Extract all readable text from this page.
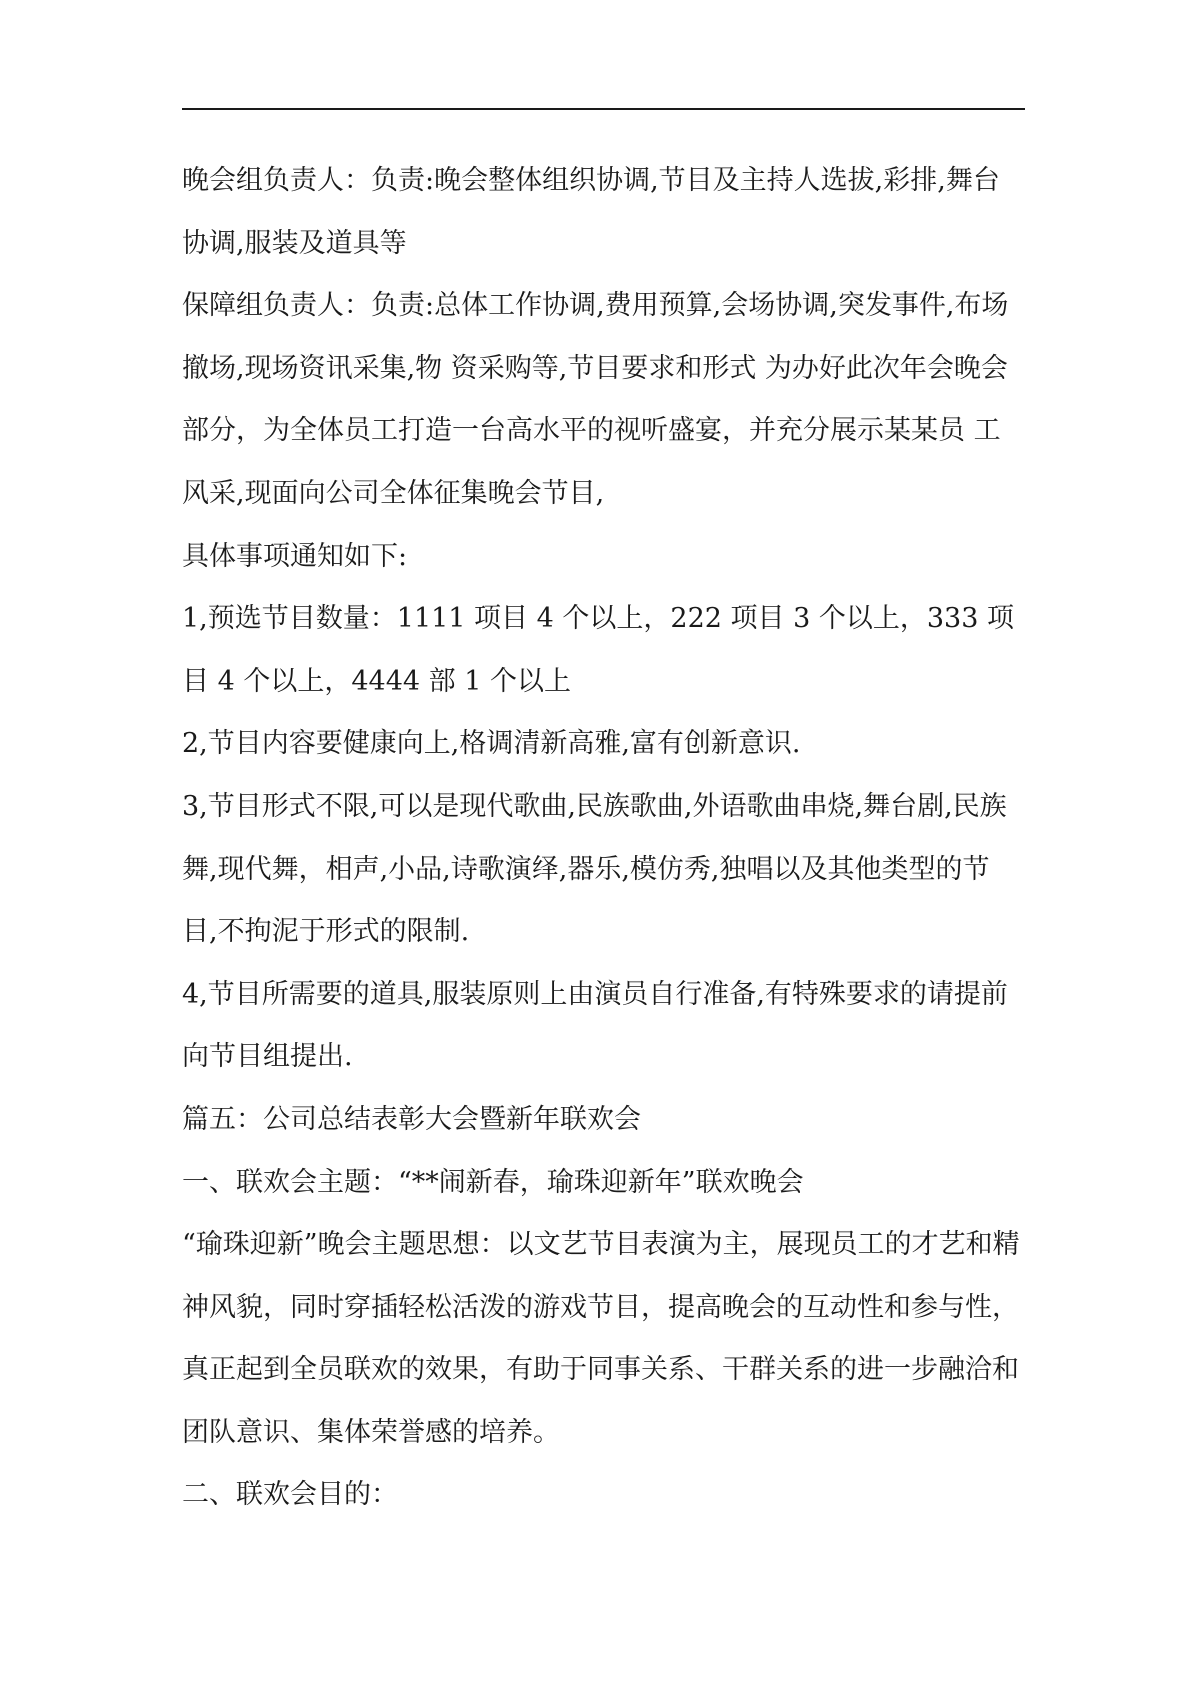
晚会组负责人：负责:晚会整体组织协调,节目及主持人选拔,彩排,舞台协调,服装及道具等

保障组负责人：负责:总体工作协调,费用预算,会场协调,突发事件,布场撤场,现场资讯采集,物 资采购等,节目要求和形式 为办好此次年会晚会部分，为全体员工打造一台高水平的视听盛宴，并充分展示某某员 工风采,现面向公司全体征集晚会节目,

具体事项通知如下:

1,预选节目数量：1111 项目 4 个以上，222 项目 3 个以上，333 项目 4 个以上，4444 部 1 个以上

2,节目内容要健康向上,格调清新高雅,富有创新意识.

3,节目形式不限,可以是现代歌曲,民族歌曲,外语歌曲串烧,舞台剧,民族舞,现代舞，相声,小品,诗歌演绎,器乐,模仿秀,独唱以及其他类型的节目,不拘泥于形式的限制.

4,节目所需要的道具,服装原则上由演员自行准备,有特殊要求的请提前向节目组提出.

篇五：公司总结表彰大会暨新年联欢会

一、联欢会主题：“**闹新春，瑜珠迎新年”联欢晚会

“瑜珠迎新”晚会主题思想：以文艺节目表演为主，展现员工的才艺和精神风貌，同时穿插轻松活泼的游戏节目，提高晚会的互动性和参与性，真正起到全员联欢的效果，有助于同事关系、干群关系的进一步融洽和团队意识、集体荣誉感的培养。

二、联欢会目的：
